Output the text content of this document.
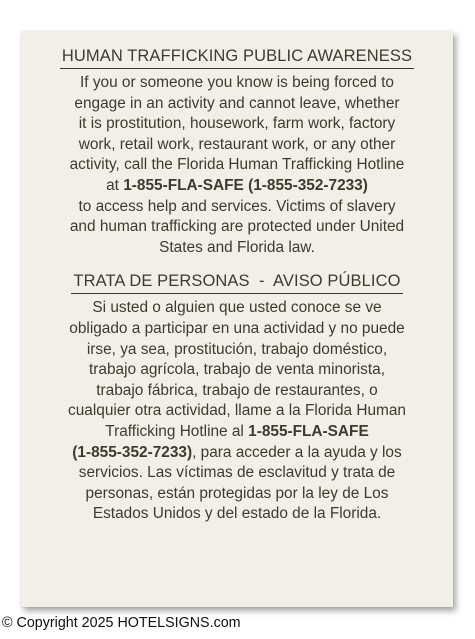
HUMAN TRAFFICKING PUBLIC AWARENESS
If you or someone you know is being forced to
engage in an activity and cannot leave, whether
it is prostitution, housework, farm work, factory
work, retail work, restaurant work, or any other
activity, call the Florida Human Trafficking Hotline
at 1-855-FLA-SAFE (1-855-352-7233)
to access help and services. Victims of slavery
and human trafficking are protected under United
States and Florida law.
TRATA DE PERSONAS  -  AVISO PÚBLICO
Si usted o alguien que usted conoce se ve
obligado a participar en una actividad y no puede
irse, ya sea, prostitución, trabajo doméstico,
trabajo agrícola, trabajo de venta minorista,
trabajo fábrica, trabajo de restaurantes, o
cualquier otra actividad, llame a la Florida Human
Trafficking Hotline al 1-855-FLA-SAFE
(1-855-352-7233), para acceder a la ayuda y los
servicios. Las víctimas de esclavitud y trata de
personas, están protegidas por la ley de Los
Estados Unidos y del estado de la Florida.
© Copyright 2025 HOTELSIGNS.com
